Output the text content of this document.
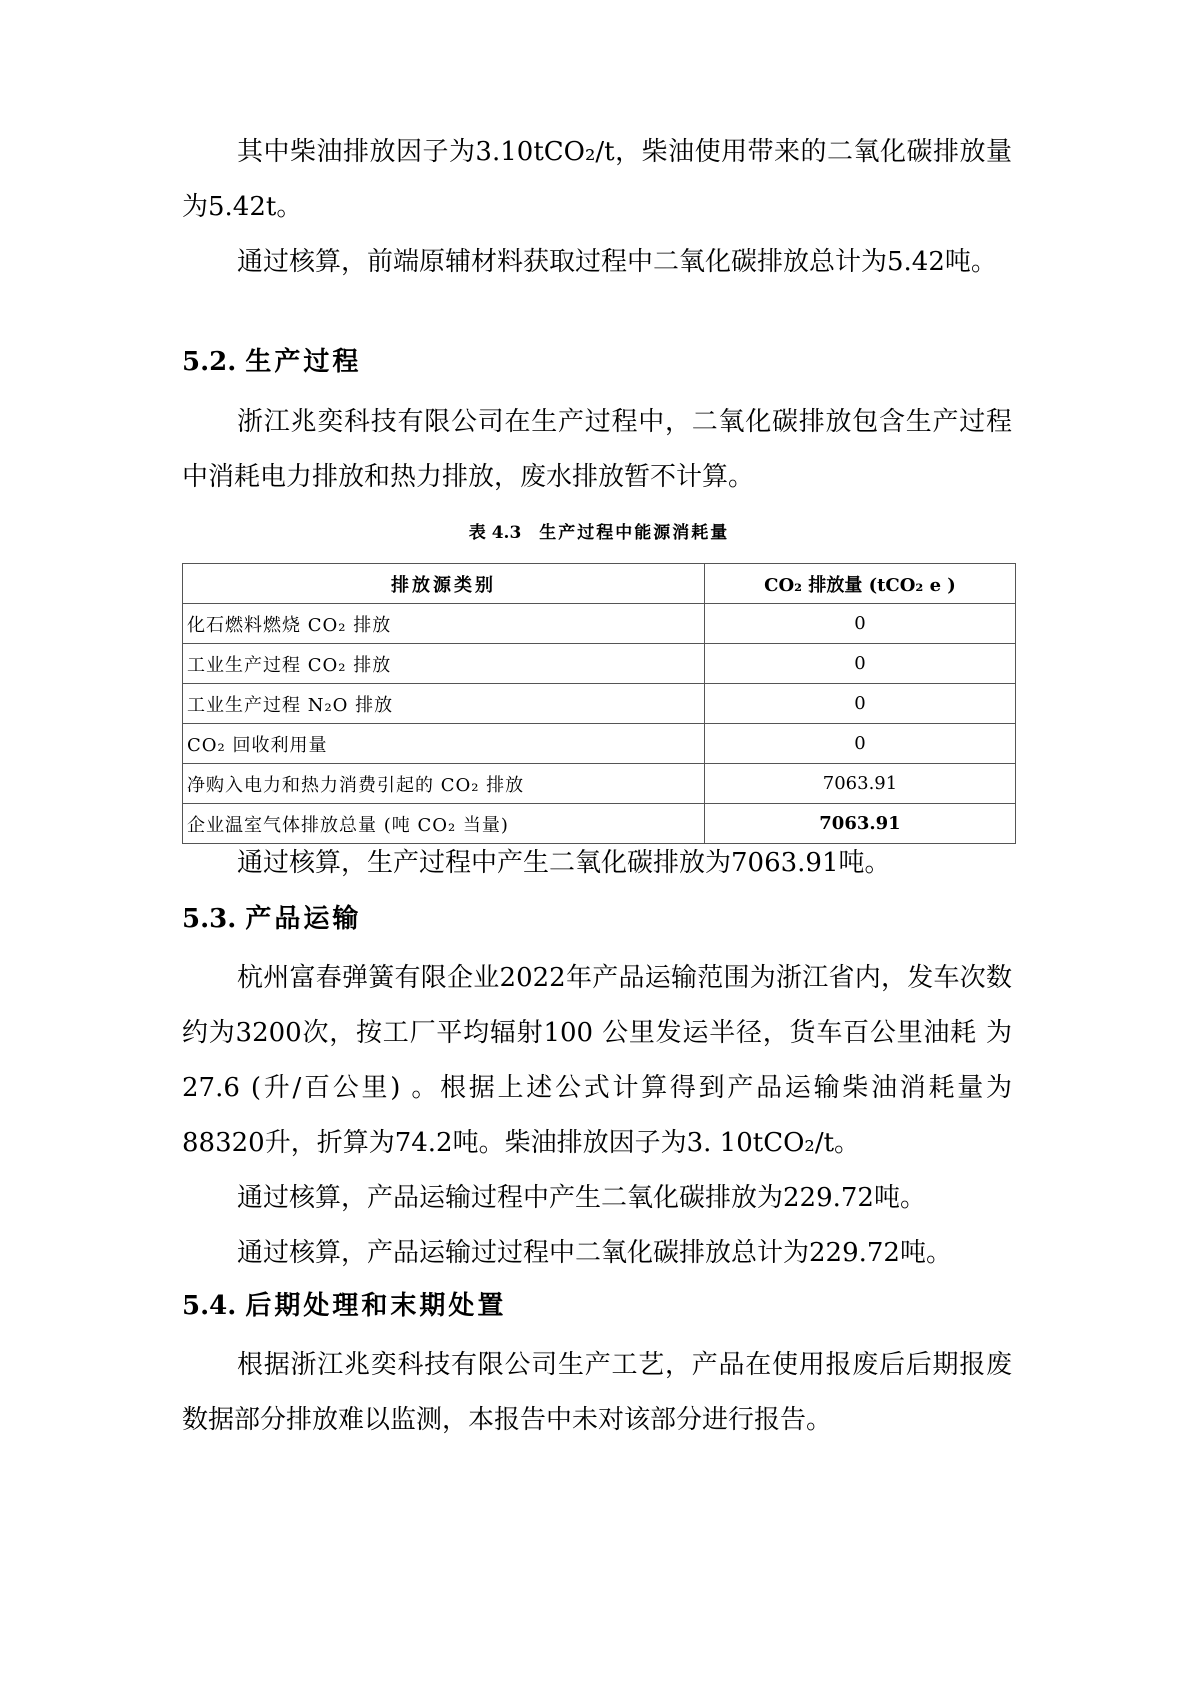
其中柴油排放因子为3.10tCO₂/t，柴油使用带来的二氧化碳排放量为5.42t。

通过核算，前端原辅材料获取过程中二氧化碳排放总计为5.42吨。

5.2. 生产过程

浙江兆奕科技有限公司在生产过程中，二氧化碳排放包含生产过程中消耗电力排放和热力排放，废水排放暂不计算。

表 4.3 生产过程中能源消耗量
排放源类别	CO₂ 排放量 (tCO₂ e )
化石燃料燃烧 CO₂ 排放	0
工业生产过程 CO₂ 排放	0
工业生产过程 N₂O 排放	0
CO₂ 回收利用量	0
净购入电力和热力消费引起的 CO₂ 排放	7063.91
企业温室气体排放总量 (吨 CO₂ 当量)	7063.91

通过核算，生产过程中产生二氧化碳排放为7063.91吨。

5.3. 产品运输

杭州富春弹簧有限企业2022年产品运输范围为浙江省内，发车次数约为3200次，按工厂平均辐射100 公里发运半径，货车百公里油耗 为27.6 (升/百公里) 。根据上述公式计算得到产品运输柴油消耗量为88320升，折算为74.2吨。柴油排放因子为3. 10tCO₂/t。

通过核算，产品运输过程中产生二氧化碳排放为229.72吨。

通过核算，产品运输过过程中二氧化碳排放总计为229.72吨。

5.4. 后期处理和末期处置

根据浙江兆奕科技有限公司生产工艺，产品在使用报废后后期报废数据部分排放难以监测，本报告中未对该部分进行报告。
